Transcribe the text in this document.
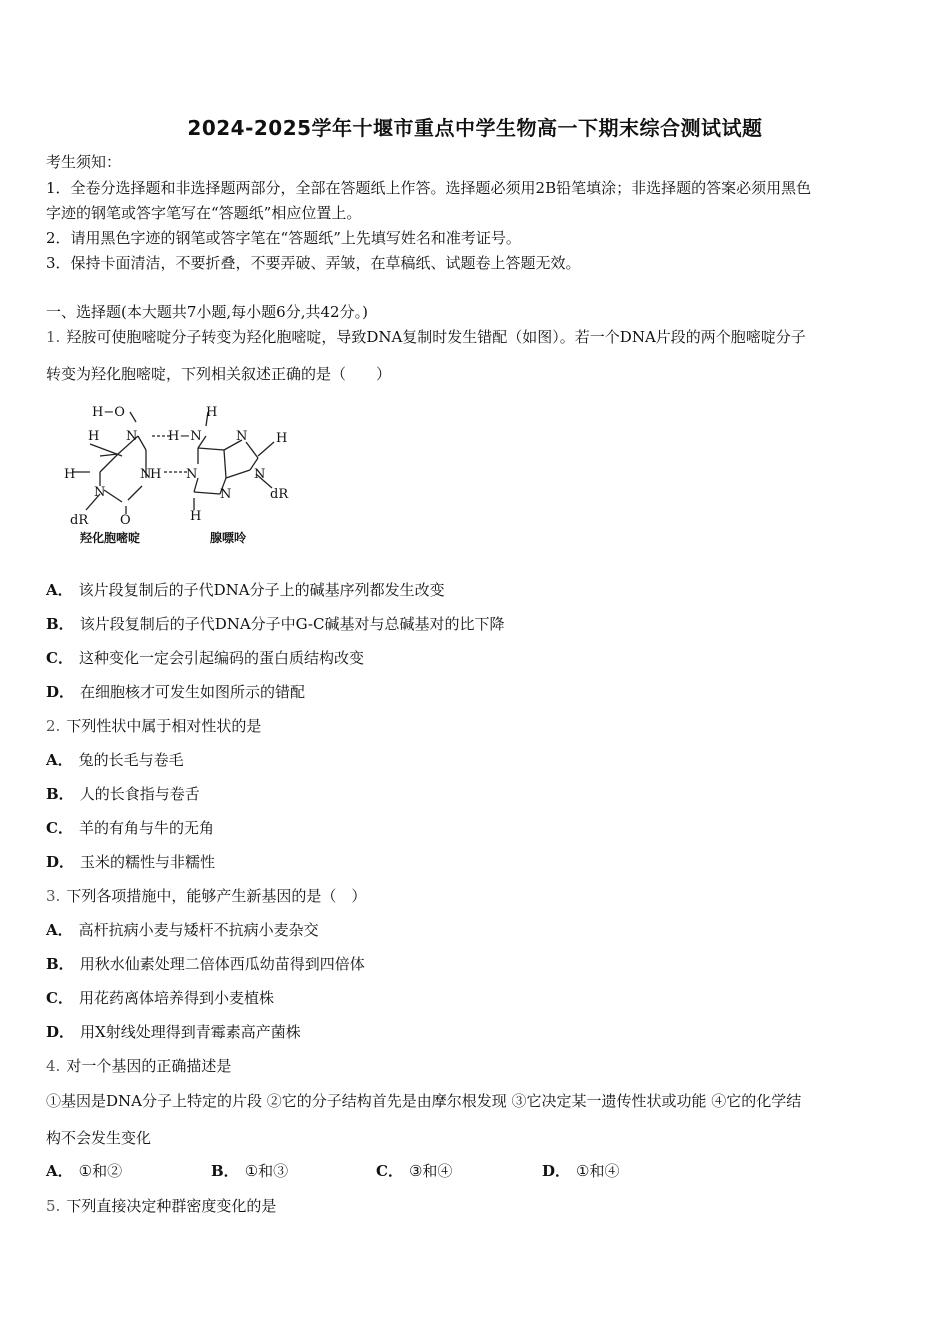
2024-2025学年十堰市重点中学生物高一下期末综合测试试题
考生须知：
1．全卷分选择题和非选择题两部分，全部在答题纸上作答。选择题必须用2B铅笔填涂；非选择题的答案必须用黑色
字迹的钢笔或答字笔写在“答题纸”相应位置上。
2．请用黑色字迹的钢笔或答字笔在“答题纸”上先填写姓名和准考证号。
3．保持卡面清洁，不要折叠，不要弄破、弄皱，在草稿纸、试题卷上答题无效。
一、选择题(本大题共7小题,每小题6分,共42分。)
1. 羟胺可使胞嘧啶分子转变为羟化胞嘧啶，导致DNA复制时发生错配（如图）。若一个DNA片段的两个胞嘧啶分子
转变为羟化胞嘧啶，下列相关叙述正确的是（　　）
H−O
N H−N
H
H
N H
H	N
H N	N
N	N	dR
O
dR	H
羟化胞嘧啶	腺嘌呤
A． 该片段复制后的子代DNA分子上的碱基序列都发生改变
B． 该片段复制后的子代DNA分子中G-C碱基对与总碱基对的比下降
C． 这种变化一定会引起编码的蛋白质结构改变
D． 在细胞核才可发生如图所示的错配
2. 下列性状中属于相对性状的是
A． 兔的长毛与卷毛
B． 人的长食指与卷舌
C． 羊的有角与牛的无角
D． 玉米的糯性与非糯性
3. 下列各项措施中，能够产生新基因的是（　）
A． 高杆抗病小麦与矮杆不抗病小麦杂交
B． 用秋水仙素处理二倍体西瓜幼苗得到四倍体
C． 用花药离体培养得到小麦植株
D． 用X射线处理得到青霉素高产菌株
4. 对一个基因的正确描述是
①基因是DNA分子上特定的片段 ②它的分子结构首先是由摩尔根发现 ③它决定某一遗传性状或功能 ④它的化学结
构不会发生变化
A． ①和②	B． ①和③	C． ③和④	D． ①和④
5. 下列直接决定种群密度变化的是
